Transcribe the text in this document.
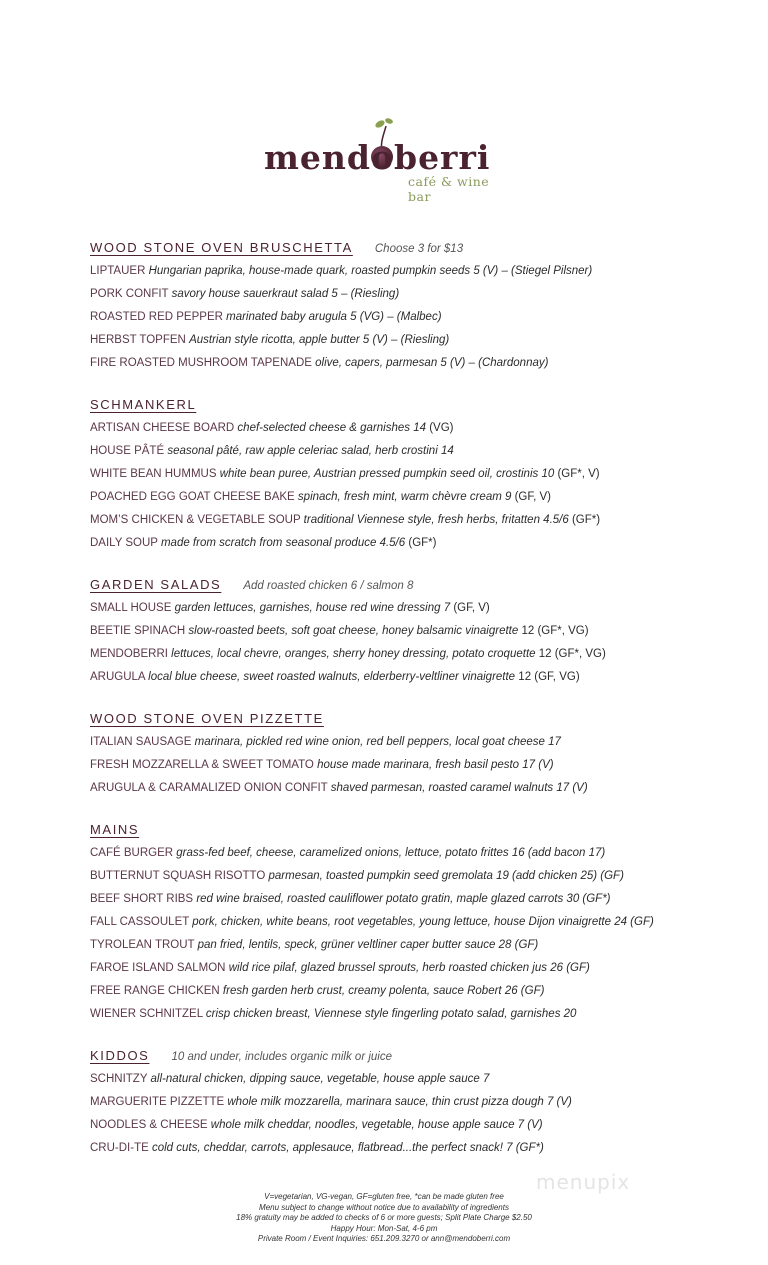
mendoberri
café & wine bar
WOOD STONE OVEN BRUSCHETTA Choose 3 for $13
LIPTAUER Hungarian paprika, house-made quark, roasted pumpkin seeds 5 (V) – (Stiegel Pilsner)
PORK CONFIT savory house sauerkraut salad 5 – (Riesling)
ROASTED RED PEPPER marinated baby arugula 5 (VG) – (Malbec)
HERBST TOPFEN Austrian style ricotta, apple butter 5 (V) – (Riesling)
FIRE ROASTED MUSHROOM TAPENADE olive, capers, parmesan 5 (V) – (Chardonnay)
SCHMANKERL
ARTISAN CHEESE BOARD chef-selected cheese & garnishes 14 (VG)
HOUSE PÂTÉ seasonal pâté, raw apple celeriac salad, herb crostini 14
WHITE BEAN HUMMUS white bean puree, Austrian pressed pumpkin seed oil, crostinis 10 (GF*, V)
POACHED EGG GOAT CHEESE BAKE spinach, fresh mint, warm chèvre cream 9 (GF, V)
MOM’S CHICKEN & VEGETABLE SOUP traditional Viennese style, fresh herbs, fritatten 4.5/6 (GF*)
DAILY SOUP made from scratch from seasonal produce 4.5/6 (GF*)
GARDEN SALADS Add roasted chicken 6 / salmon 8
SMALL HOUSE garden lettuces, garnishes, house red wine dressing 7 (GF, V)
BEETIE SPINACH slow-roasted beets, soft goat cheese, honey balsamic vinaigrette 12 (GF*, VG)
MENDOBERRI lettuces, local chevre, oranges, sherry honey dressing, potato croquette 12 (GF*, VG)
ARUGULA local blue cheese, sweet roasted walnuts, elderberry-veltliner vinaigrette 12 (GF, VG)
WOOD STONE OVEN PIZZETTE
ITALIAN SAUSAGE marinara, pickled red wine onion, red bell peppers, local goat cheese 17
FRESH MOZZARELLA & SWEET TOMATO house made marinara, fresh basil pesto 17 (V)
ARUGULA & CARAMALIZED ONION CONFIT shaved parmesan, roasted caramel walnuts 17 (V)
MAINS
CAFÉ BURGER grass-fed beef, cheese, caramelized onions, lettuce, potato frittes 16 (add bacon 17)
BUTTERNUT SQUASH RISOTTO parmesan, toasted pumpkin seed gremolata 19 (add chicken 25) (GF)
BEEF SHORT RIBS red wine braised, roasted cauliflower potato gratin, maple glazed carrots 30 (GF*)
FALL CASSOULET pork, chicken, white beans, root vegetables, young lettuce, house Dijon vinaigrette 24 (GF)
TYROLEAN TROUT pan fried, lentils, speck, grüner veltliner caper butter sauce 28 (GF)
FAROE ISLAND SALMON wild rice pilaf, glazed brussel sprouts, herb roasted chicken jus 26 (GF)
FREE RANGE CHICKEN fresh garden herb crust, creamy polenta, sauce Robert 26 (GF)
WIENER SCHNITZEL crisp chicken breast, Viennese style fingerling potato salad, garnishes 20
KIDDOS 10 and under, includes organic milk or juice
SCHNITZY all-natural chicken, dipping sauce, vegetable, house apple sauce 7
MARGUERITE PIZZETTE whole milk mozzarella, marinara sauce, thin crust pizza dough 7 (V)
NOODLES & CHEESE whole milk cheddar, noodles, vegetable, house apple sauce 7 (V)
CRU-DI-TE cold cuts, cheddar, carrots, applesauce, flatbread...the perfect snack! 7 (GF*)
menupix
V=vegetarian, VG-vegan, GF=gluten free, *can be made gluten free
Menu subject to change without notice due to availability of ingredients
18% gratuity may be added to checks of 6 or more guests; Split Plate Charge $2.50
Happy Hour: Mon-Sat, 4-6 pm
Private Room / Event Inquiries: 651.209.3270 or ann@mendoberri.com
